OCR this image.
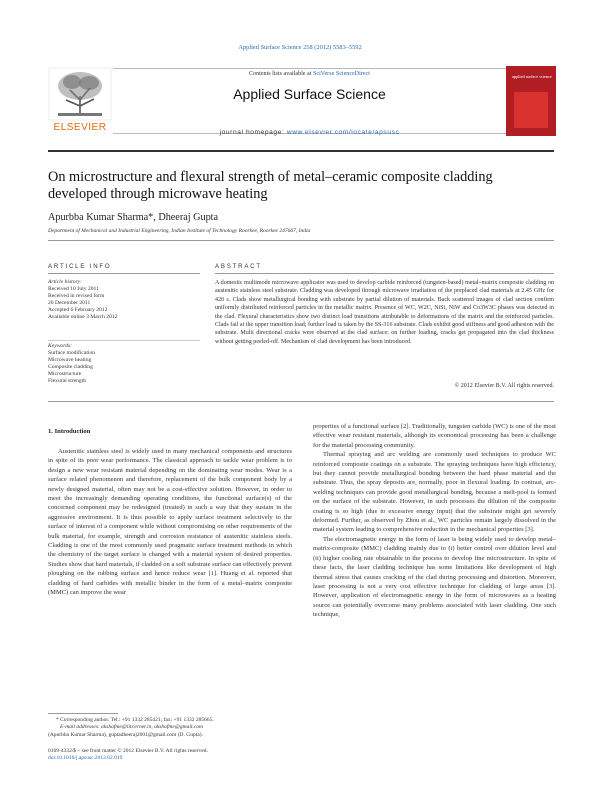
Applied Surface Science 258 (2012) 5583–5592
ELSEVIER
Contents lists available at SciVerse ScienceDirect
Applied Surface Science
journal homepage: www.elsevier.com/locate/apsusc
applied surface science
On microstructure and flexural strength of metal–ceramic composite cladding developed through microwave heating
Apurbba Kumar Sharma*, Dheeraj Gupta
Department of Mechanical and Industrial Engineering, Indian Institute of Technology Roorkee, Roorkee 247667, India
ARTICLE INFO	ABSTRACT
Article history:
Received 10 July 2011
Received in revised form
20 December 2011
Accepted 6 February 2012
Available online 3 March 2012
Keywords:
Surface modification
Microwave heating
Composite cladding
Microstructure
Flexural strength
A domestic multimode microwave applicator was used to develop carbide reinforced (tungsten-based) metal–matrix composite cladding on austenitic stainless steel substrate. Cladding was developed through microwave irradiation of the preplaced clad materials at 2.45 GHz for 420 s. Clads show metallurgical bonding with substrate by partial dilution of materials. Back scattered images of clad section confirm uniformly distributed reinforced particles in the metallic matrix. Presence of WC, W2C, NiSi, NiW and Co3W3C phases was detected in the clad. Flexural characteristics show two distinct load transitions attributable to deformations of the matrix and the reinforced particles. Clads fail at the upper transition load; further load is taken by the SS-316 substrate. Clads exhibit good stiffness and good adhesion with the substrate. Multi directional cracks were observed at the clad surface; on further loading, cracks get propagated into the clad thickness without getting peeled-off. Mechanism of clad development has been introduced.
© 2012 Elsevier B.V. All rights reserved.
1. Introduction

Austenitic stainless steel is widely used in many mechanical components and structures in spite of its poor wear performance. The classical approach to tackle wear problem is to design a new wear resistant material depending on the dominating wear modes. Wear is a surface related phenomenon and therefore, replacement of the bulk component body by a newly designed material, often may not be a cost-effective solution. However, in order to meet the increasingly demanding operating conditions, the functional surface(s) of the concerned component may be redesigned (treated) in such a way that they sustain in the aggressive environment. It is thus possible to apply surface treatment selectively to the surface of interest of a component while without compromising on other requirements of the bulk material, for example, strength and corrosion resistance of austenitic stainless steels. Cladding is one of the most commonly used pragmatic surface treatment methods in which the chemistry of the target surface is changed with a material system of desired properties. Studies show that hard materials, if cladded on a soft substrate surface can effectively prevent ploughing on the rubbing surface and hence reduce wear [1]. Huang et al. reported that cladding of hard carbides with metallic binder in the form of a metal–matrix composite (MMC) can improve the wear

properties of a functional surface [2]. Traditionally, tungsten carbide (WC) is one of the most effective wear resistant materials, although its economical processing has been a challenge for the material processing community.

Thermal spraying and arc welding are commonly used techniques to produce WC reinforced composite coatings on a substrate. The spraying techniques have high efficiency, but they cannot provide metallurgical bonding between the hard phase material and the substrate. Thus, the spray deposits are, normally, poor in flexural loading. In contrast, arc-welding techniques can provide good metallurgical bonding, because a melt-pool is formed on the surface of the substrate. However, in such processes the dilution of the composite coating is so high (due to excessive energy input) that the substrate might get severely deformed. Further, as observed by Zhou et al., WC particles remain largely dissolved in the material system leading to comprehensive reduction in the mechanical properties [3].

The electromagnetic energy in the form of laser is being widely used to develop metal–matrix-composite (MMC) cladding mainly due to (i) better control over dilution level and (ii) higher cooling rate obtainable in the process to develop fine microstructure. In spite of these facts, the laser cladding technique has some limitations like development of high thermal stress that causes cracking of the clad during processing and distortion. Moreover, laser processing is not a very cost effective technique for cladding of large areas [3]. However, application of electromagnetic energy in the form of microwaves as a heating source can potentially overcome many problems associated with laser cladding. One such technique,

* Corresponding author. Tel.: +91 1332 285421; fax: +91 1332 285665.
E-mail addresses: akshafme@iitr.ernet.in, akshafme@gmail.com
(Apurbba Kumar Sharma), guptadheeraj2001@gmail.com (D. Gupta).
0169-4332/$ – see front matter © 2012 Elsevier B.V. All rights reserved.
doi:10.1016/j.apsusc.2012.02.019
